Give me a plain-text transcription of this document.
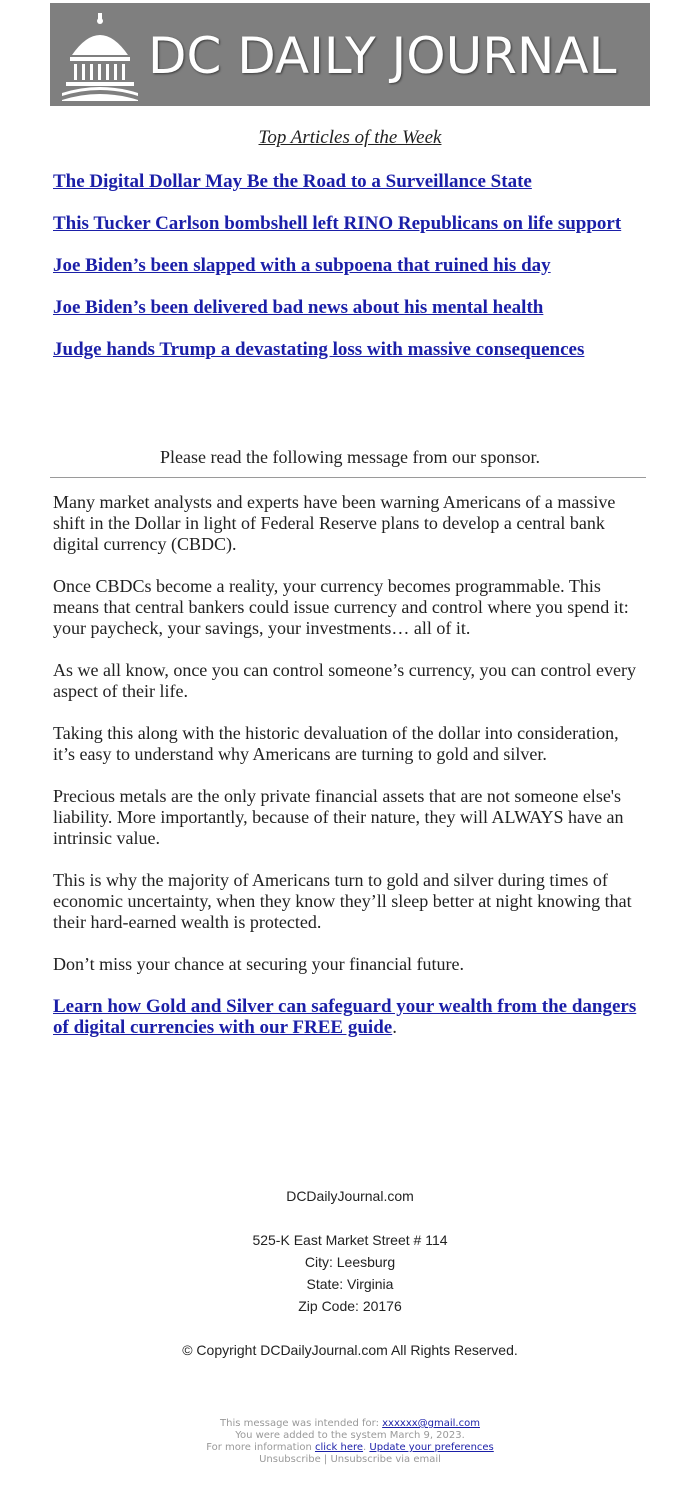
DC DAILY JOURNAL
Top Articles of the Week
The Digital Dollar May Be the Road to a Surveillance State
This Tucker Carlson bombshell left RINO Republicans on life support
Joe Biden’s been slapped with a subpoena that ruined his day
Joe Biden’s been delivered bad news about his mental health
Judge hands Trump a devastating loss with massive consequences
Please read the following message from our sponsor.

Many market analysts and experts have been warning Americans of a massive shift in the Dollar in light of Federal Reserve plans to develop a central bank digital currency (CBDC).

Once CBDCs become a reality, your currency becomes programmable. This means that central bankers could issue currency and control where you spend it: your paycheck, your savings, your investments… all of it.

As we all know, once you can control someone’s currency, you can control every aspect of their life.

Taking this along with the historic devaluation of the dollar into consideration, it’s easy to understand why Americans are turning to gold and silver.

Precious metals are the only private financial assets that are not someone else's liability. More importantly, because of their nature, they will ALWAYS have an intrinsic value.

This is why the majority of Americans turn to gold and silver during times of economic uncertainty, when they know they’ll sleep better at night knowing that their hard-earned wealth is protected.

Don’t miss your chance at securing your financial future.

Learn how Gold and Silver can safeguard your wealth from the dangers of digital currencies with our FREE guide.
DCDailyJournal.com
525-K East Market Street # 114
City: Leesburg
State: Virginia
Zip Code: 20176
© Copyright DCDailyJournal.com All Rights Reserved.
This message was intended for: xxxxxx@gmail.com
You were added to the system March 9, 2023.
For more information click here. Update your preferences
Unsubscribe | Unsubscribe via email
